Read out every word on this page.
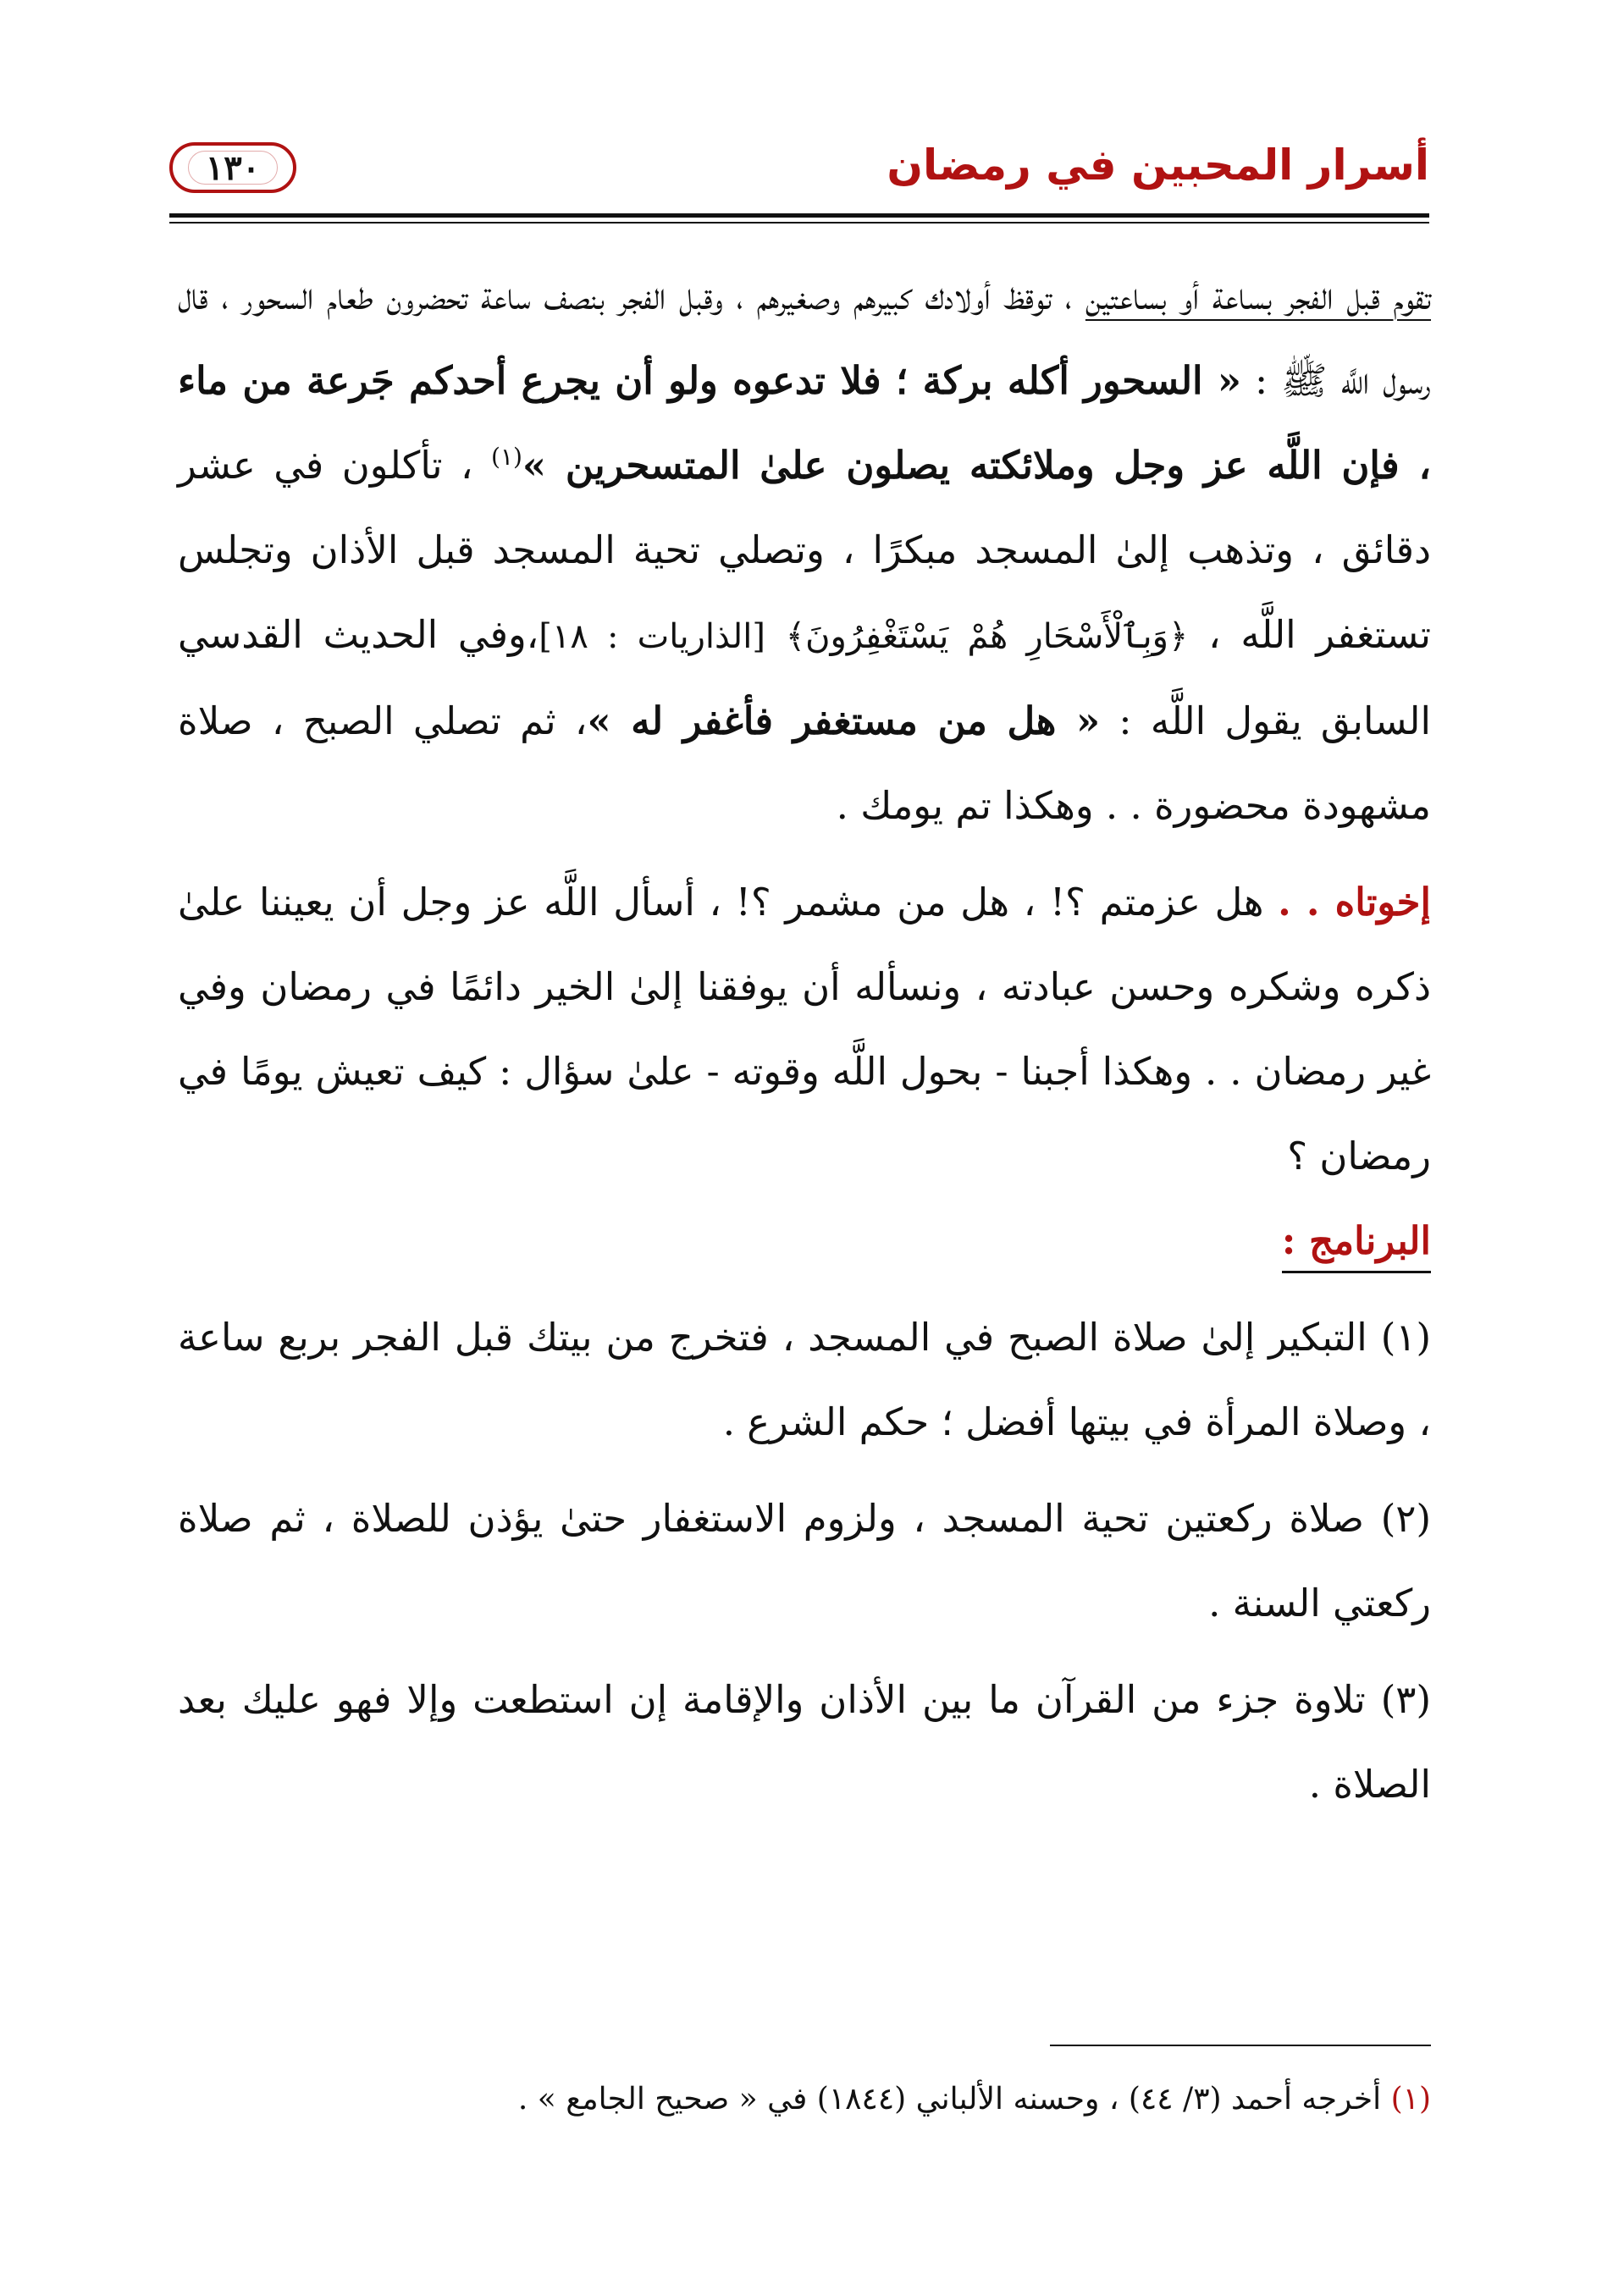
١٣٠	أسرار المحبين في رمضان

تقوم قبل الفجر بساعة أو بساعتين ، توقظ أولادك كبيرهم وصغيرهم ، وقبل الفجر بنصف ساعة تحضرون طعام السحور ، قال رسول اللَّه ﷺ : « السحور أكله بركة ؛ فلا تدعوه ولو أن يجرع أحدكم جَرعة من ماء ، فإن اللَّه عز وجل وملائكته يصلون علىٰ المتسحرين »$^{(١)}$ ، تأكلون في عشر دقائق ، وتذهب إلىٰ المسجد مبكرًا ، وتصلي تحية المسجد قبل الأذان وتجلس تستغفر اللَّه ، ﴿وَبِٱلْأَسْحَارِ هُمْ يَسْتَغْفِرُونَ﴾ [الذاريات : ١٨]،وفي الحديث القدسي السابق يقول اللَّه : « هل من مستغفر فأغفر له »، ثم تصلي الصبح ، صلاة مشهودة محضورة . . وهكذا تم يومك .

إخوتاه . . هل عزمتم ؟! ، هل من مشمر ؟! ، أسأل اللَّه عز وجل أن يعيننا علىٰ ذكره وشكره وحسن عبادته ، ونسأله أن يوفقنا إلىٰ الخير دائمًا في رمضان وفي غير رمضان . . وهكذا أجبنا - بحول اللَّه وقوته - علىٰ سؤال : كيف تعيش يومًا في رمضان ؟

البرنامج :

(١) التبكير إلىٰ صلاة الصبح في المسجد ، فتخرج من بيتك قبل الفجر بربع ساعة ، وصلاة المرأة في بيتها أفضل ؛ حكم الشرع .

(٢) صلاة ركعتين تحية المسجد ، ولزوم الاستغفار حتىٰ يؤذن للصلاة ، ثم صلاة ركعتي السنة .

(٣) تلاوة جزء من القرآن ما بين الأذان والإقامة إن استطعت وإلا فهو عليك بعد الصلاة .

(١) أخرجه أحمد (٣/ ٤٤) ، وحسنه الألباني (١٨٤٤) في « صحيح الجامع » .
